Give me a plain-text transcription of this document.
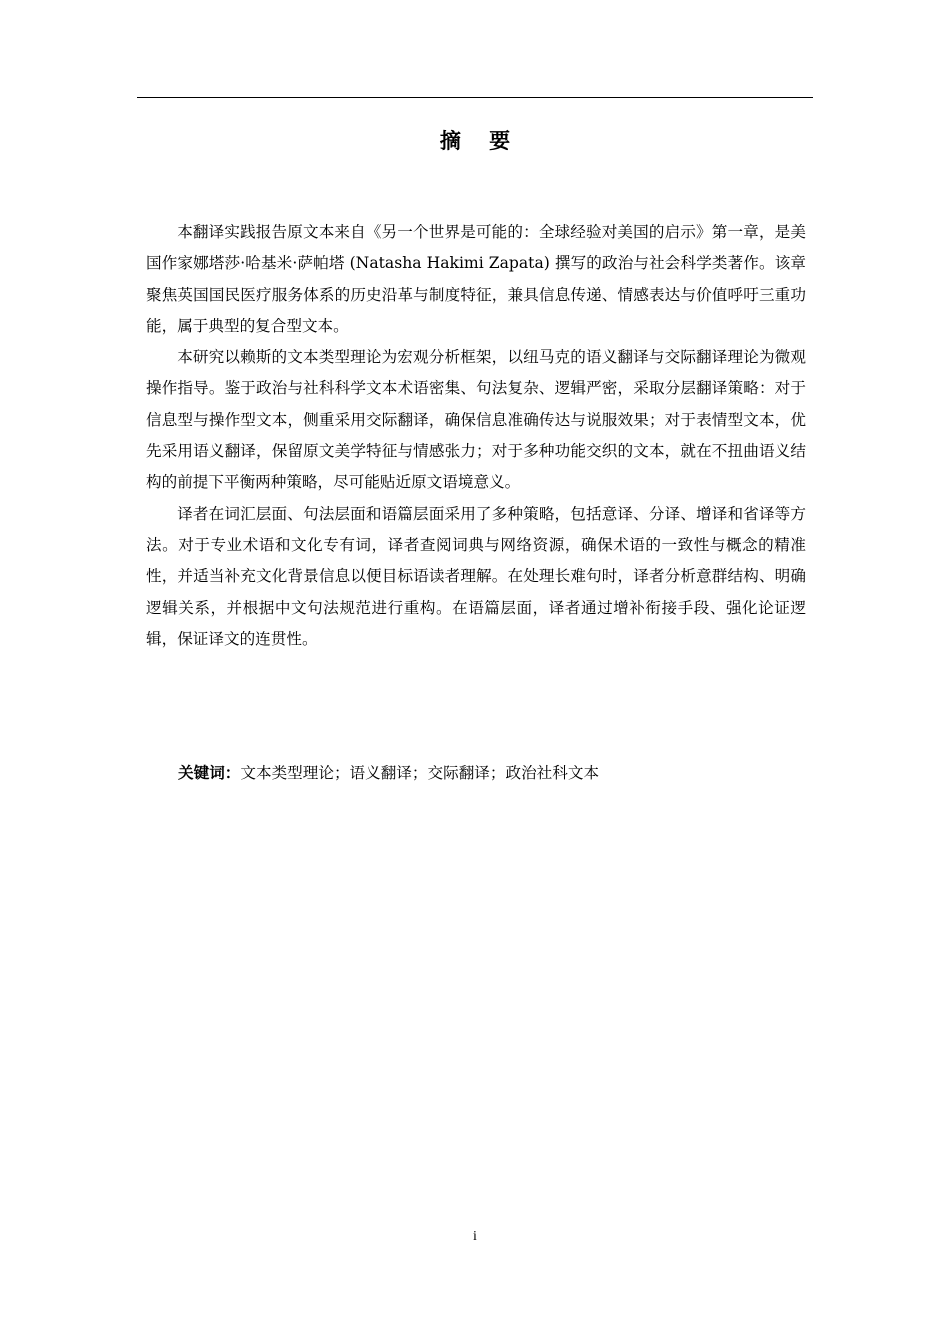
摘 要

本翻译实践报告原文本来自《另一个世界是可能的：全球经验对美国的启示》第一章，是美国作家娜塔莎·哈基米·萨帕塔 (Natasha Hakimi Zapata) 撰写的政治与社会科学类著作。该章聚焦英国国民医疗服务体系的历史沿革与制度特征，兼具信息传递、情感表达与价值呼吁三重功能，属于典型的复合型文本。

本研究以赖斯的文本类型理论为宏观分析框架，以纽马克的语义翻译与交际翻译理论为微观操作指导。鉴于政治与社科科学文本术语密集、句法复杂、逻辑严密，采取分层翻译策略：对于信息型与操作型文本，侧重采用交际翻译，确保信息准确传达与说服效果；对于表情型文本，优先采用语义翻译，保留原文美学特征与情感张力；对于多种功能交织的文本，就在不扭曲语义结构的前提下平衡两种策略，尽可能贴近原文语境意义。

译者在词汇层面、句法层面和语篇层面采用了多种策略，包括意译、分译、增译和省译等方法。对于专业术语和文化专有词，译者查阅词典与网络资源，确保术语的一致性与概念的精准性，并适当补充文化背景信息以便目标语读者理解。在处理长难句时，译者分析意群结构、明确逻辑关系，并根据中文句法规范进行重构。在语篇层面，译者通过增补衔接手段、强化论证逻辑，保证译文的连贯性。

关键词：文本类型理论；语义翻译；交际翻译；政治社科文本
i
